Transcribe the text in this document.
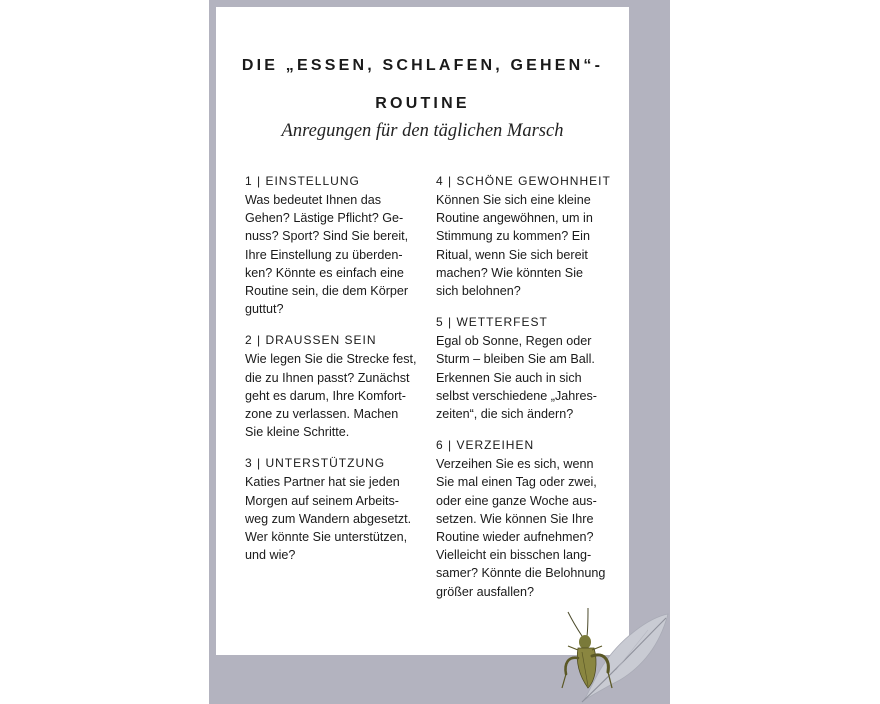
DIE „ESSEN, SCHLAFEN, GEHEN“-
ROUTINE
Anregungen für den täglichen Marsch
1 | EINSTELLUNG
Was bedeutet Ihnen das
Gehen? Lästige Pflicht? Ge-
nuss? Sport? Sind Sie bereit,
Ihre Einstellung zu überden-
ken? Könnte es einfach eine
Routine sein, die dem Körper
guttut?
2 | DRAUSSEN SEIN
Wie legen Sie die Strecke fest,
die zu Ihnen passt? Zunächst
geht es darum, Ihre Komfort-
zone zu verlassen. Machen
Sie kleine Schritte.
3 | UNTERSTÜTZUNG
Katies Partner hat sie jeden
Morgen auf seinem Arbeits-
weg zum Wandern abgesetzt.
Wer könnte Sie unterstützen,
und wie?
4 | SCHÖNE GEWOHNHEIT
Können Sie sich eine kleine
Routine angewöhnen, um in
Stimmung zu kommen? Ein
Ritual, wenn Sie sich bereit
machen? Wie könnten Sie
sich belohnen?
5 | WETTERFEST
Egal ob Sonne, Regen oder
Sturm – bleiben Sie am Ball.
Erkennen Sie auch in sich
selbst verschiedene „Jahres-
zeiten“, die sich ändern?
6 | VERZEIHEN
Verzeihen Sie es sich, wenn
Sie mal einen Tag oder zwei,
oder eine ganze Woche aus-
setzen. Wie können Sie Ihre
Routine wieder aufnehmen?
Vielleicht ein bisschen lang-
samer? Könnte die Belohnung
größer ausfallen?
